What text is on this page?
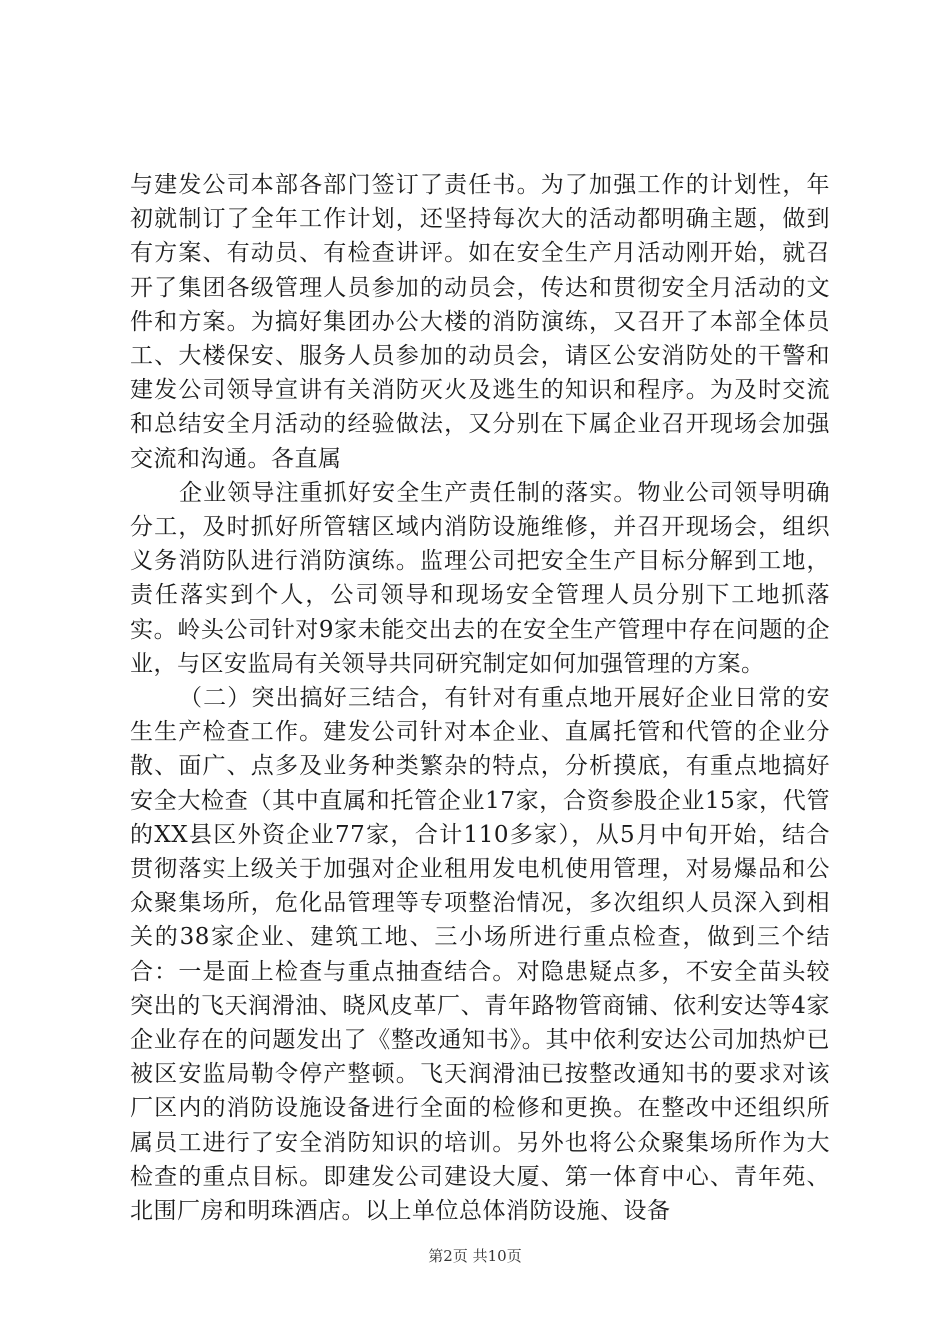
与建发公司本部各部门签订了责任书。为了加强工作的计划性，年初就制订了全年工作计划，还坚持每次大的活动都明确主题，做到有方案、有动员、有检查讲评。如在安全生产月活动刚开始，就召开了集团各级管理人员参加的动员会，传达和贯彻安全月活动的文件和方案。为搞好集团办公大楼的消防演练，又召开了本部全体员工、大楼保安、服务人员参加的动员会，请区公安消防处的干警和建发公司领导宣讲有关消防灭火及逃生的知识和程序。为及时交流和总结安全月活动的经验做法，又分别在下属企业召开现场会加强交流和沟通。各直属

企业领导注重抓好安全生产责任制的落实。物业公司领导明确分工，及时抓好所管辖区域内消防设施维修，并召开现场会，组织义务消防队进行消防演练。监理公司把安全生产目标分解到工地，责任落实到个人，公司领导和现场安全管理人员分别下工地抓落实。岭头公司针对9家未能交出去的在安全生产管理中存在问题的企业，与区安监局有关领导共同研究制定如何加强管理的方案。

（二）突出搞好三结合，有针对有重点地开展好企业日常的安生生产检查工作。建发公司针对本企业、直属托管和代管的企业分散、面广、点多及业务种类繁杂的特点，分析摸底，有重点地搞好安全大检查（其中直属和托管企业17家，合资参股企业15家，代管的XX县区外资企业77家，合计110多家），从5月中旬开始，结合贯彻落实上级关于加强对企业租用发电机使用管理，对易爆品和公众聚集场所，危化品管理等专项整治情况，多次组织人员深入到相关的38家企业、建筑工地、三小场所进行重点检查，做到三个结合：一是面上检查与重点抽查结合。对隐患疑点多，不安全苗头较突出的飞天润滑油、晓风皮革厂、青年路物管商铺、依利安达等4家企业存在的问题发出了《整改通知书》。其中依利安达公司加热炉已被区安监局勒令停产整顿。飞天润滑油已按整改通知书的要求对该厂区内的消防设施设备进行全面的检修和更换。在整改中还组织所属员工进行了安全消防知识的培训。另外也将公众聚集场所作为大检查的重点目标。即建发公司建设大厦、第一体育中心、青年苑、北围厂房和明珠酒店。以上单位总体消防设施、设备

第2页 共10页
